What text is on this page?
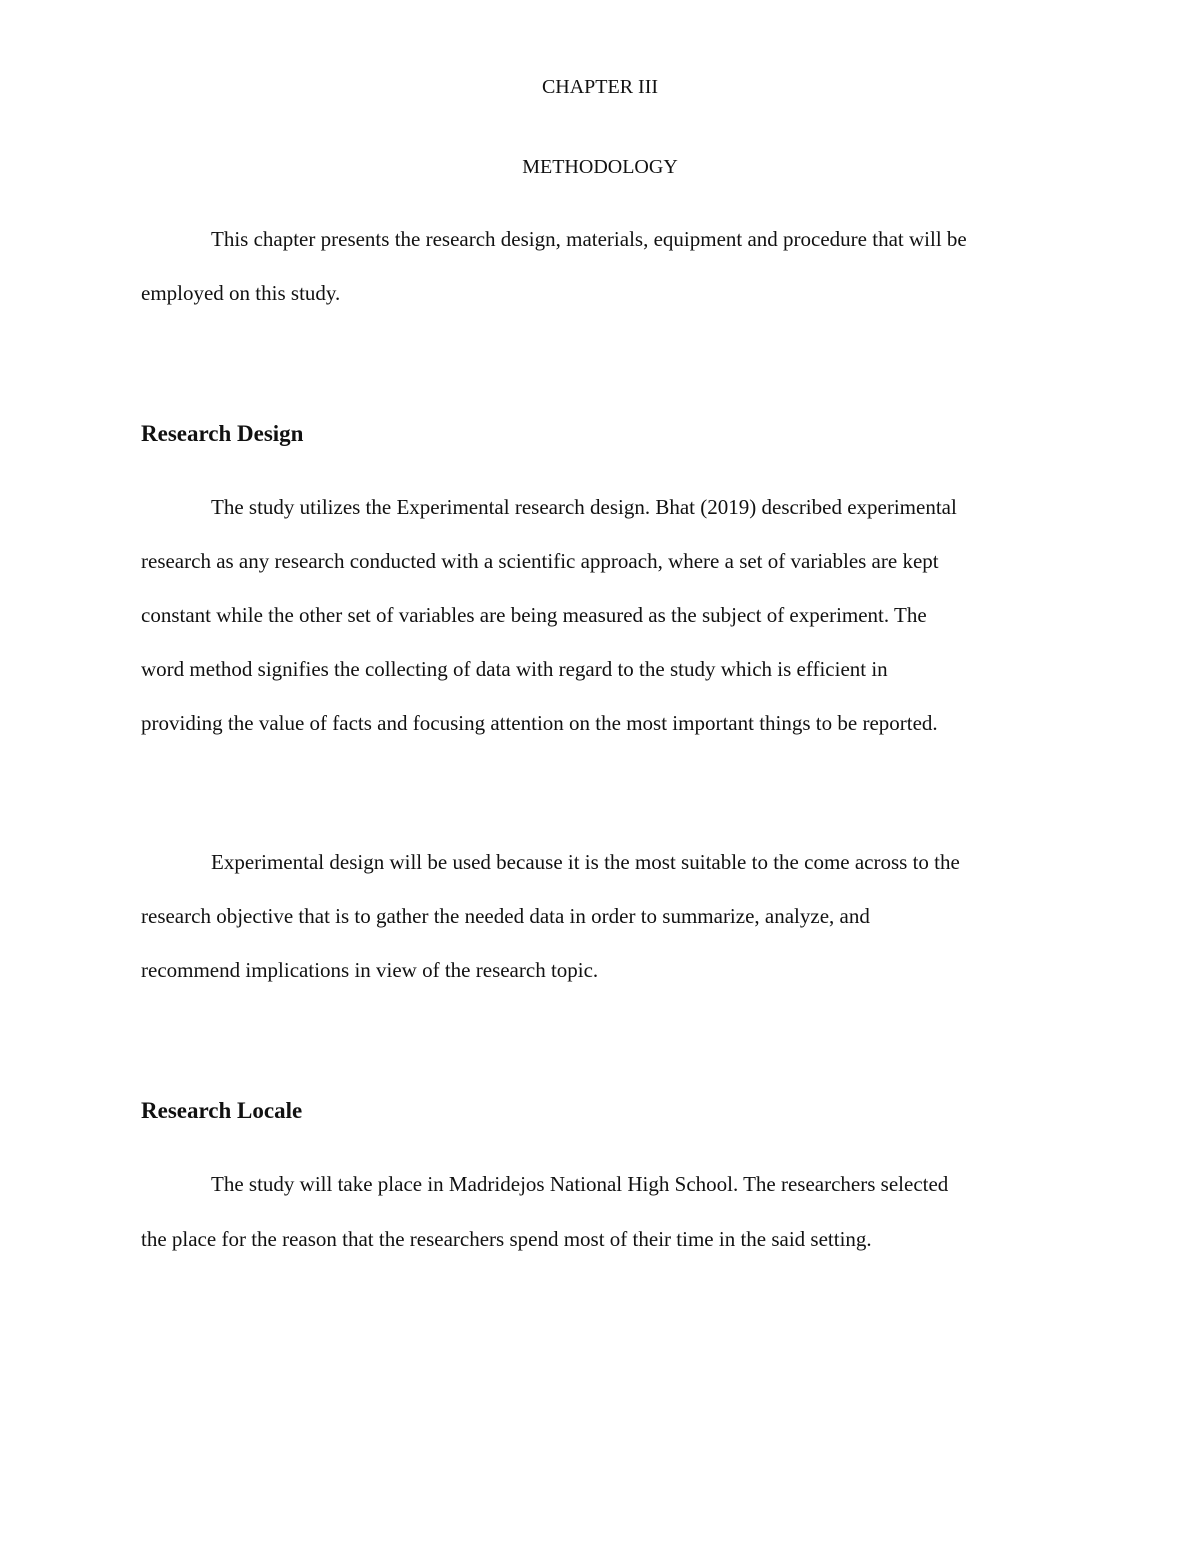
CHAPTER III

METHODOLOGY

This chapter presents the research design, materials, equipment and procedure that will be

employed on this study.

Research Design

The study utilizes the Experimental research design. Bhat (2019) described experimental

research as any research conducted with a scientific approach, where a set of variables are kept

constant while the other set of variables are being measured as the subject of experiment. The

word method signifies the collecting of data with regard to the study which is efficient in

providing the value of facts and focusing attention on the most important things to be reported.

Experimental design will be used because it is the most suitable to the come across to the

research objective that is to gather the needed data in order to summarize, analyze, and

recommend implications in view of the research topic.

Research Locale

The study will take place in Madridejos National High School. The researchers selected

the place for the reason that the researchers spend most of their time in the said setting.
